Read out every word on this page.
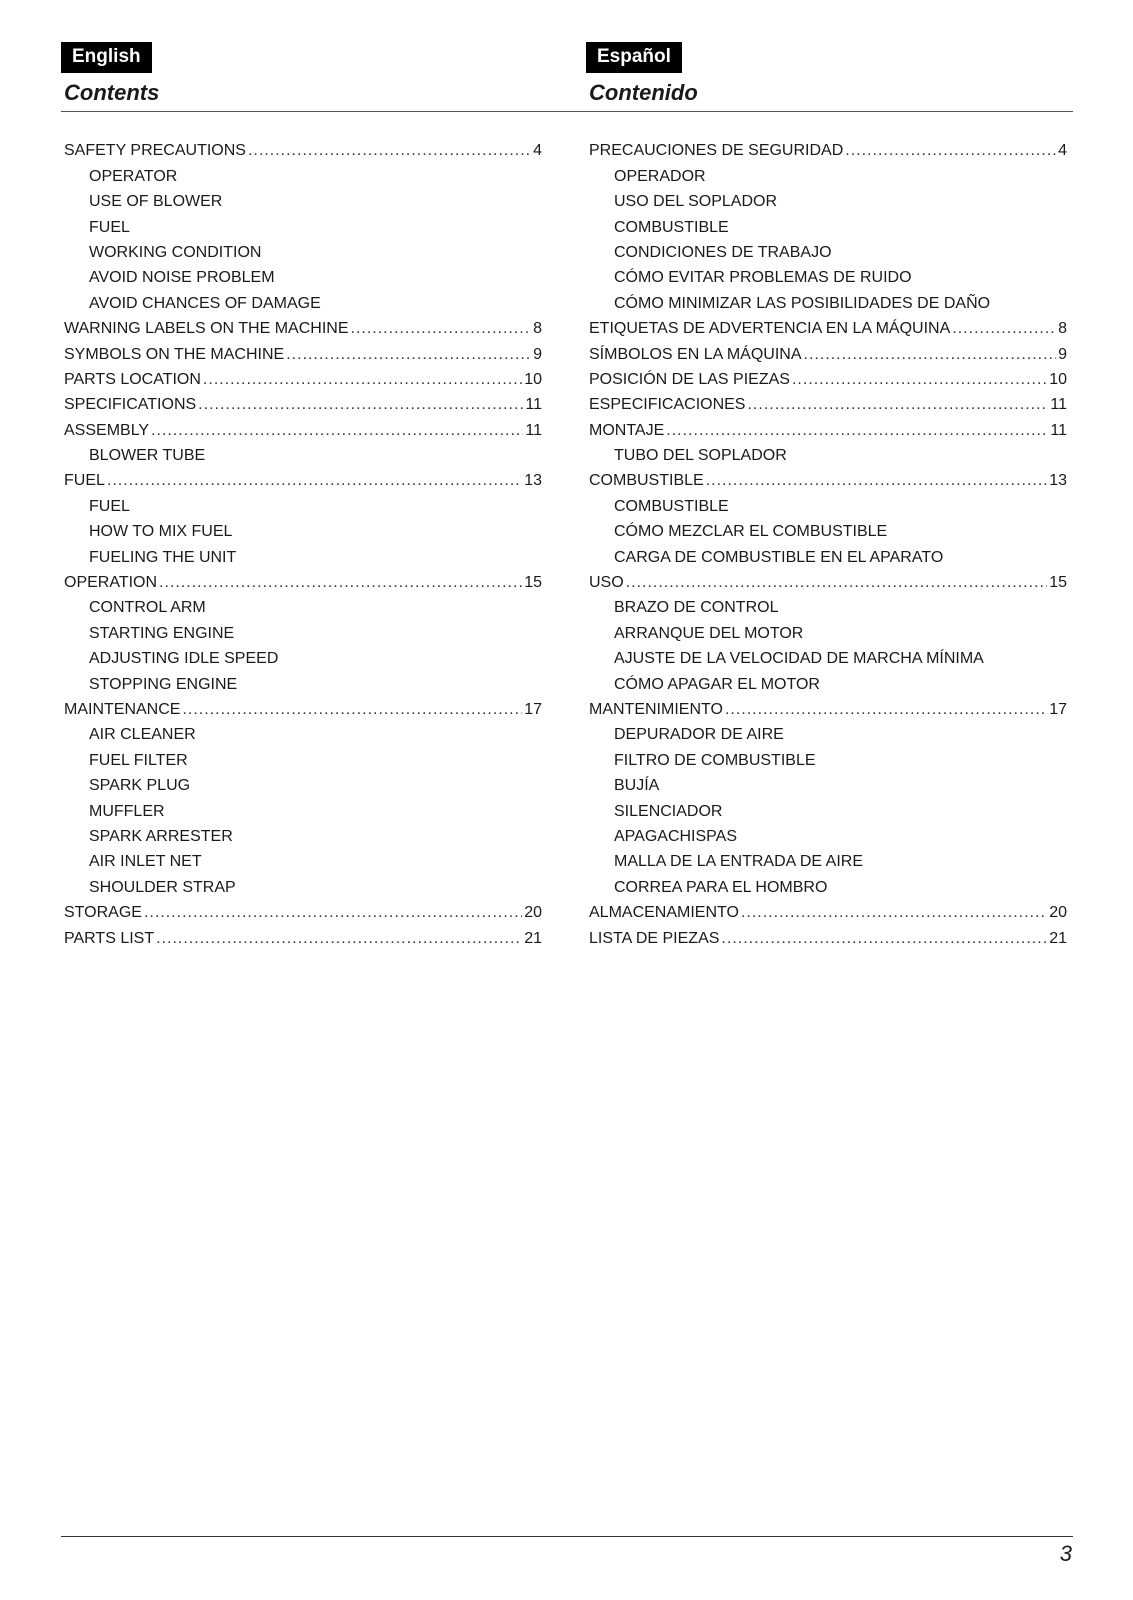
English
Contents
Español
Contenido
SAFETY PRECAUTIONS .....	4
OPERATOR
USE OF BLOWER
FUEL
WORKING CONDITION
AVOID NOISE PROBLEM
AVOID CHANCES OF DAMAGE
WARNING LABELS ON THE MACHINE .....	8
SYMBOLS ON THE MACHINE .....	9
PARTS LOCATION .....	10
SPECIFICATIONS .....	11
ASSEMBLY .....	11
BLOWER TUBE
FUEL .....	13
FUEL
HOW TO MIX FUEL
FUELING THE UNIT
OPERATION .....	15
CONTROL ARM
STARTING ENGINE
ADJUSTING IDLE SPEED
STOPPING ENGINE
MAINTENANCE .....	17
AIR CLEANER
FUEL FILTER
SPARK PLUG
MUFFLER
SPARK ARRESTER
AIR INLET NET
SHOULDER STRAP
STORAGE .....	20
PARTS LIST .....	21
PRECAUCIONES DE SEGURIDAD .....	4
OPERADOR
USO DEL SOPLADOR
COMBUSTIBLE
CONDICIONES DE TRABAJO
CÓMO EVITAR PROBLEMAS DE RUIDO
CÓMO MINIMIZAR LAS POSIBILIDADES DE DAÑO
ETIQUETAS DE ADVERTENCIA EN LA MÁQUINA .....	8
SÍMBOLOS EN LA MÁQUINA .....	9
POSICIÓN DE LAS PIEZAS .....	10
ESPECIFICACIONES .....	11
MONTAJE .....	11
TUBO DEL SOPLADOR
COMBUSTIBLE .....	13
COMBUSTIBLE
CÓMO MEZCLAR EL COMBUSTIBLE
CARGA DE COMBUSTIBLE EN EL APARATO
USO .....	15
BRAZO DE CONTROL
ARRANQUE DEL MOTOR
AJUSTE DE LA VELOCIDAD DE MARCHA MÍNIMA
CÓMO APAGAR EL MOTOR
MANTENIMIENTO .....	17
DEPURADOR DE AIRE
FILTRO DE COMBUSTIBLE
BUJÍA
SILENCIADOR
APAGACHISPAS
MALLA DE LA ENTRADA DE AIRE
CORREA PARA EL HOMBRO
ALMACENAMIENTO .....	20
LISTA DE PIEZAS .....	21
3
